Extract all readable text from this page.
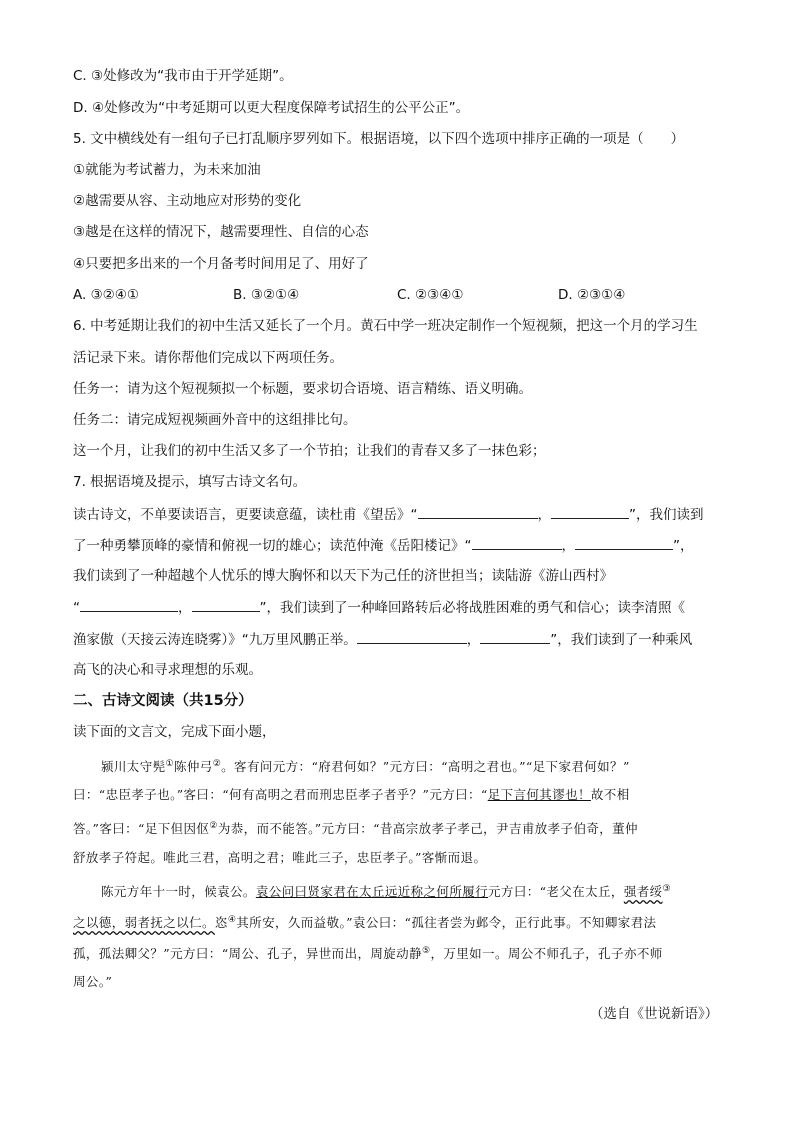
C. ③处修改为“我市由于开学延期”。
D. ④处修改为“中考延期可以更大程度保障考试招生的公平公正”。
5. 文中横线处有一组句子已打乱顺序罗列如下。根据语境，以下四个选项中排序正确的一项是（　　）
①就能为考试蓄力，为未来加油
②越需要从容、主动地应对形势的变化
③越是在这样的情况下，越需要理性、自信的心态
④只要把多出来的一个月备考时间用足了、用好了
A. ③②④①	B. ③②①④	C. ②③④①	D. ②③①④
6. 中考延期让我们的初中生活又延长了一个月。黄石中学一班决定制作一个短视频，把这一个月的学习生
活记录下来。请你帮他们完成以下两项任务。
任务一：请为这个短视频拟一个标题，要求切合语境、语言精练、语义明确。
任务二：请完成短视频画外音中的这组排比句。
这一个月，让我们的初中生活又多了一个节拍；让我们的青春又多了一抹色彩；
7. 根据语境及提示，填写古诗文名句。
读古诗文，不单要读语言，更要读意蕴，读杜甫《望岳》“	，	”，我们读到
了一种勇攀顶峰的豪情和俯视一切的雄心；读范仲淹《岳阳楼记》“	，	”，
我们读到了一种超越个人忧乐的博大胸怀和以天下为己任的济世担当；读陆游《游山西村》
“	，	”，我们读到了一种峰回路转后必将战胜困难的勇气和信心；读李清照《
渔家傲（天接云涛连晓雾）》“九万里风鹏正举。	，	”，我们读到了一种乘风
高飞的决心和寻求理想的乐观。
二、古诗文阅读（共15分）
读下面的文言文，完成下面小题，
颍川太守髡①陈仲弓②。客有问元方：“府君何如？”元方曰：“高明之君也。”“足下家君何如？”
曰：“忠臣孝子也。”客曰：“何有高明之君而刑忠臣孝子者乎？”元方曰：“足下言何其谬也！故不相
答。”客曰：“足下但因伛②为恭，而不能答。”元方曰：“昔高宗放孝子孝己，尹吉甫放孝子伯奇，董仲
舒放孝子符起。唯此三君，高明之君；唯此三子，忠臣孝子。”客惭而退。
陈元方年十一时，候袁公。袁公问曰贤家君在太丘远近称之何所履行元方曰：“老父在太丘，强者绥③
之以德，弱者抚之以仁。恣④其所安，久而益敬。”袁公曰：“孤往者尝为邺令，正行此事。不知卿家君法
孤，孤法卿父？”元方曰：“周公、孔子，异世而出，周旋动静⑤，万里如一。周公不师孔子，孔子亦不师
周公。”
（选自《世说新语》）
